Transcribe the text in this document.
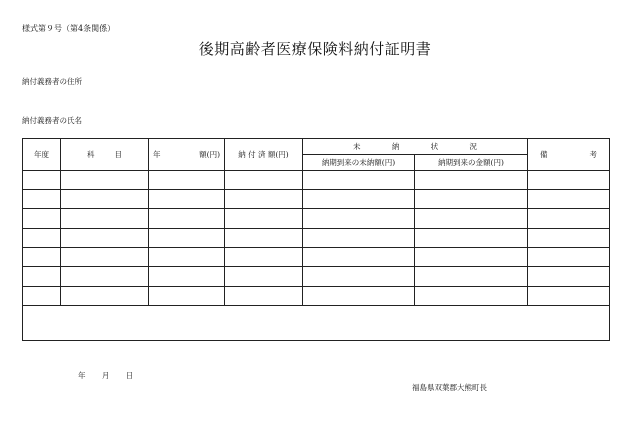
様式第９号（第4条関係）
後期高齢者医療保険料納付証明書
納付義務者の住所
納付義務者の氏名
年度	科 目	年 額(円)	納 付 済 額(円)	未 納 状 況		備 考

				納期到来の未納額(円)	納期到来の金額(円)	

年 月 日
福島県双葉郡大熊町長
